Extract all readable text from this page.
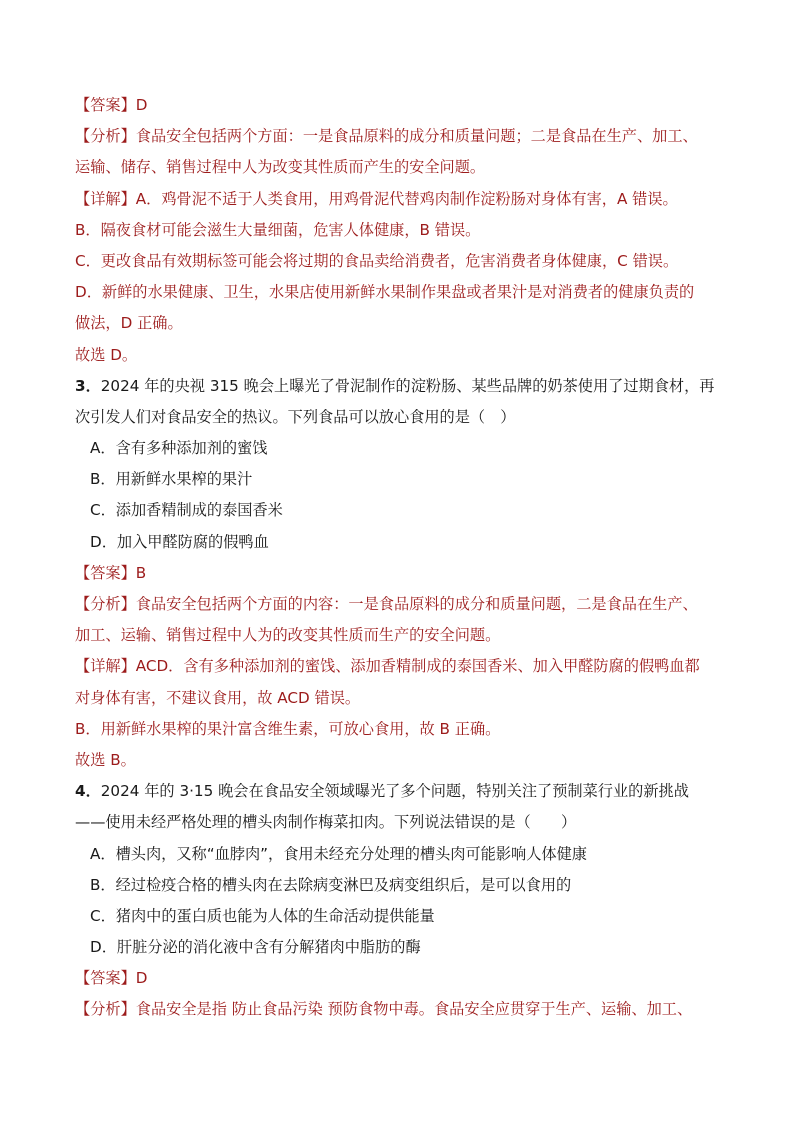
【答案】D
【分析】食品安全包括两个方面：一是食品原料的成分和质量问题；二是食品在生产、加工、
运输、储存、销售过程中人为改变其性质而产生的安全问题。
【详解】A．鸡骨泥不适于人类食用，用鸡骨泥代替鸡肉制作淀粉肠对身体有害，A 错误。
B．隔夜食材可能会滋生大量细菌，危害人体健康，B 错误。
C．更改食品有效期标签可能会将过期的食品卖给消费者，危害消费者身体健康，C 错误。
D．新鲜的水果健康、卫生，水果店使用新鲜水果制作果盘或者果汁是对消费者的健康负责的
做法，D 正确。
故选 D。
3．2024 年的央视 315 晚会上曝光了骨泥制作的淀粉肠、某些品牌的奶茶使用了过期食材，再
次引发人们对食品安全的热议。下列食品可以放心食用的是（　）
A．含有多种添加剂的蜜饯
B．用新鲜水果榨的果汁
C．添加香精制成的泰国香米
D．加入甲醛防腐的假鸭血
【答案】B
【分析】食品安全包括两个方面的内容：一是食品原料的成分和质量问题，二是食品在生产、
加工、运输、销售过程中人为的改变其性质而生产的安全问题。
【详解】ACD．含有多种添加剂的蜜饯、添加香精制成的泰国香米、加入甲醛防腐的假鸭血都
对身体有害，不建议食用，故 ACD 错误。
B．用新鲜水果榨的果汁富含维生素，可放心食用，故 B 正确。
故选 B。
4．2024 年的 3·15 晚会在食品安全领域曝光了多个问题，特别关注了预制菜行业的新挑战
——使用未经严格处理的槽头肉制作梅菜扣肉。下列说法错误的是（　　）
A．槽头肉，又称“血脖肉”，食用未经充分处理的槽头肉可能影响人体健康
B．经过检疫合格的槽头肉在去除病变淋巴及病变组织后，是可以食用的
C．猪肉中的蛋白质也能为人体的生命活动提供能量
D．肝脏分泌的消化液中含有分解猪肉中脂肪的酶
【答案】D
【分析】食品安全是指 防止食品污染 预防食物中毒。食品安全应贯穿于生产、运输、加工、
